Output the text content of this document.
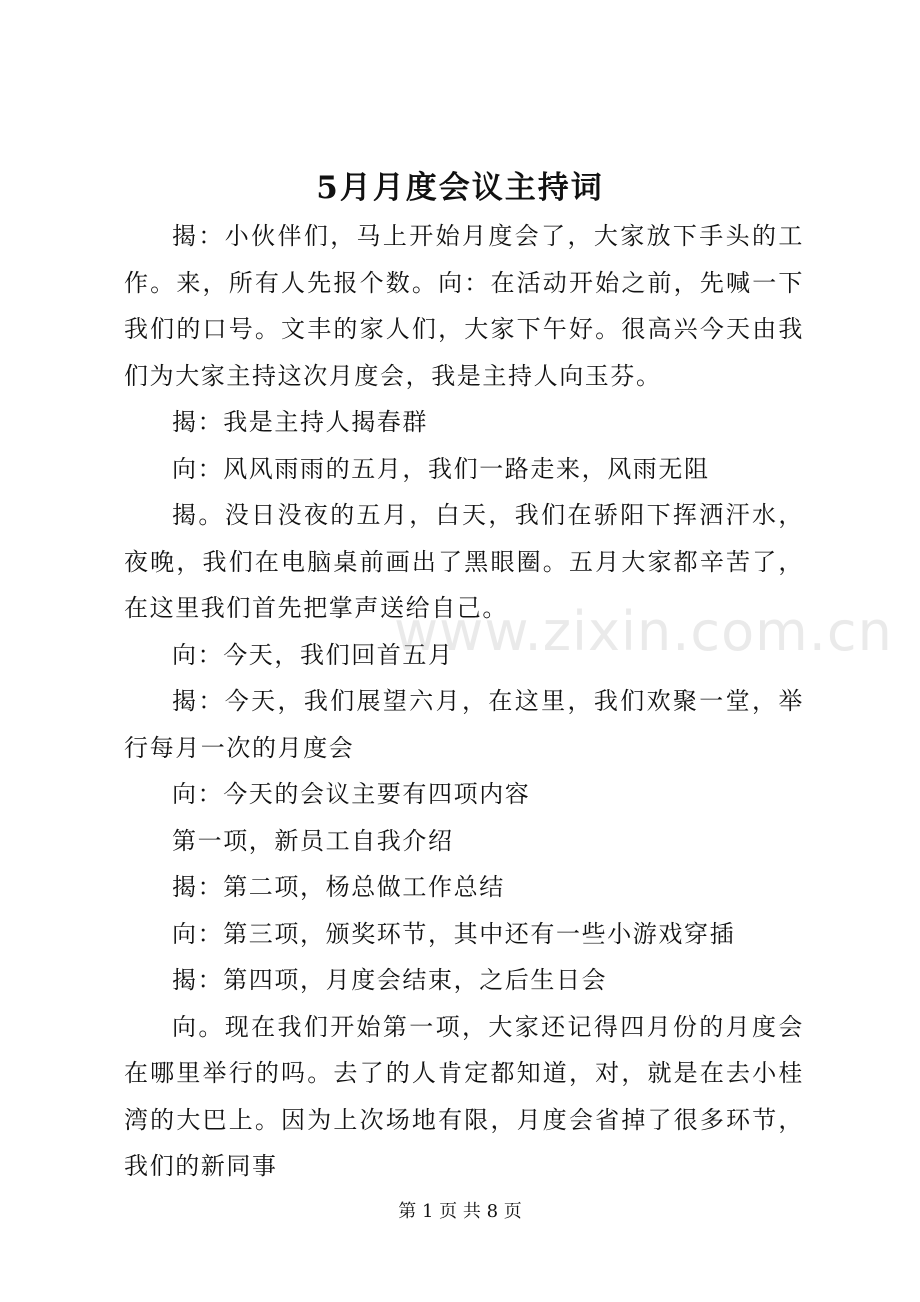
5月月度会议主持词

揭：小伙伴们，马上开始月度会了，大家放下手头的工作。来，所有人先报个数。向：在活动开始之前，先喊一下我们的口号。文丰的家人们，大家下午好。很高兴今天由我们为大家主持这次月度会，我是主持人向玉芬。

揭：我是主持人揭春群

向：风风雨雨的五月，我们一路走来，风雨无阻

揭。没日没夜的五月，白天，我们在骄阳下挥洒汗水，夜晚，我们在电脑桌前画出了黑眼圈。五月大家都辛苦了，在这里我们首先把掌声送给自己。

向：今天，我们回首五月

揭：今天，我们展望六月，在这里，我们欢聚一堂，举行每月一次的月度会

向：今天的会议主要有四项内容

第一项，新员工自我介绍

揭：第二项，杨总做工作总结

向：第三项，颁奖环节，其中还有一些小游戏穿插

揭：第四项，月度会结束，之后生日会

向。现在我们开始第一项，大家还记得四月份的月度会在哪里举行的吗。去了的人肯定都知道，对，就是在去小桂湾的大巴上。因为上次场地有限，月度会省掉了很多环节，我们的新同事

www.zixin.com.cn
第 1 页 共 8 页
